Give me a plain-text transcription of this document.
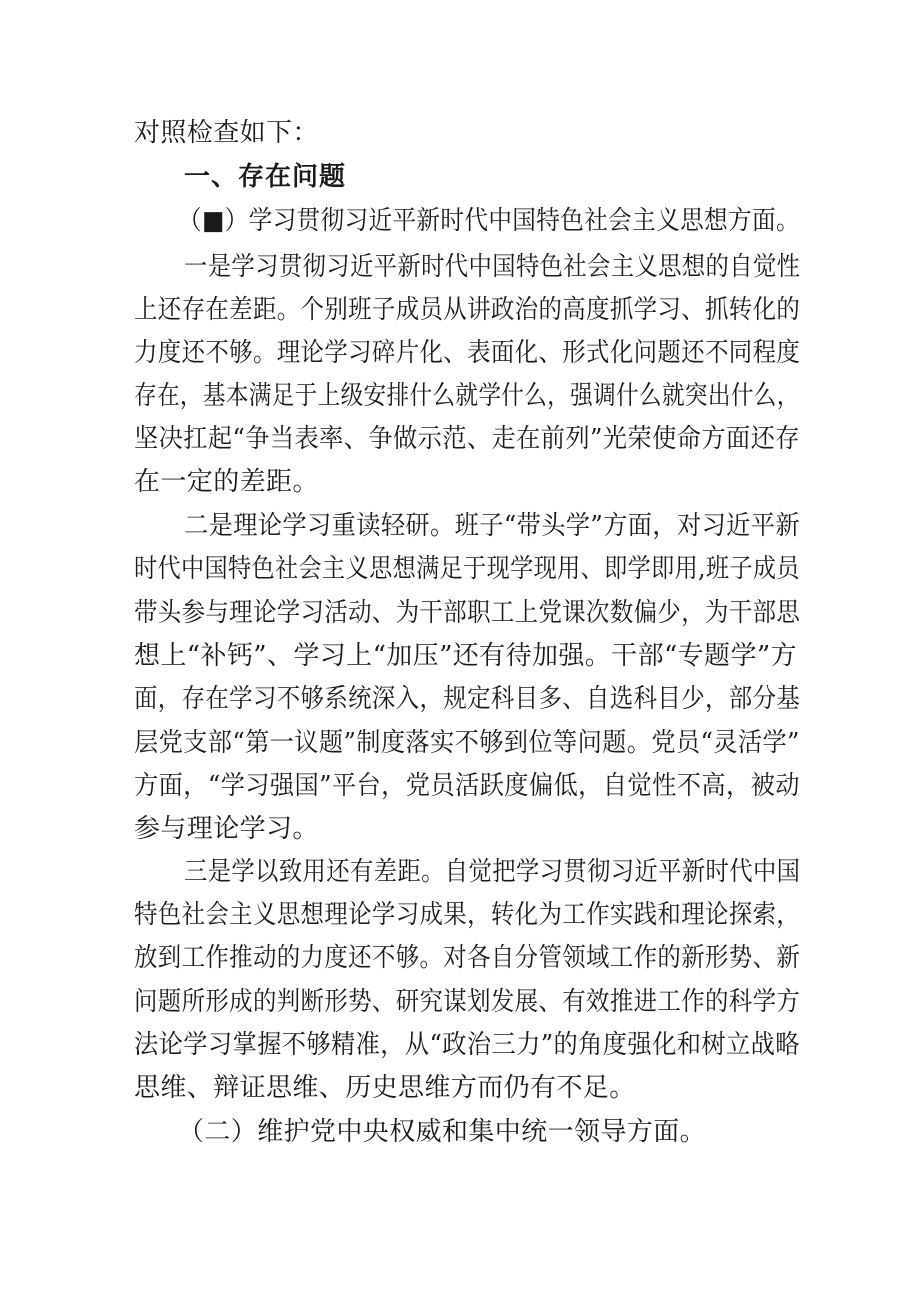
对照检查如下：
一、存在问题
（■）学习贯彻习近平新时代中国特色社会主义思想方面。
一是学习贯彻习近平新时代中国特色社会主义思想的自觉性
上还存在差距。个别班子成员从讲政治的高度抓学习、抓转化的
力度还不够。理论学习碎片化、表面化、形式化问题还不同程度
存在，基本满足于上级安排什么就学什么，强调什么就突出什么，
坚决扛起“争当表率、争做示范、走在前列”光荣使命方面还存
在一定的差距。
二是理论学习重读轻研。班子“带头学”方面，对习近平新
时代中国特色社会主义思想满足于现学现用、即学即用,班子成员
带头参与理论学习活动、为干部职工上党课次数偏少，为干部思
想上“补钙”、学习上“加压”还有待加强。干部“专题学”方
面，存在学习不够系统深入，规定科目多、自选科目少，部分基
层党支部“第一议题”制度落实不够到位等问题。党员“灵活学”
方面，“学习强国”平台，党员活跃度偏低，自觉性不高，被动
参与理论学习。
三是学以致用还有差距。自觉把学习贯彻习近平新时代中国
特色社会主义思想理论学习成果，转化为工作实践和理论探索，
放到工作推动的力度还不够。对各自分管领域工作的新形势、新
问题所形成的判断形势、研究谋划发展、有效推进工作的科学方
法论学习掌握不够精准，从“政治三力”的角度强化和树立战略
思维、辩证思维、历史思维方而仍有不足。
（二）维护党中央权威和集中统一领导方面。
